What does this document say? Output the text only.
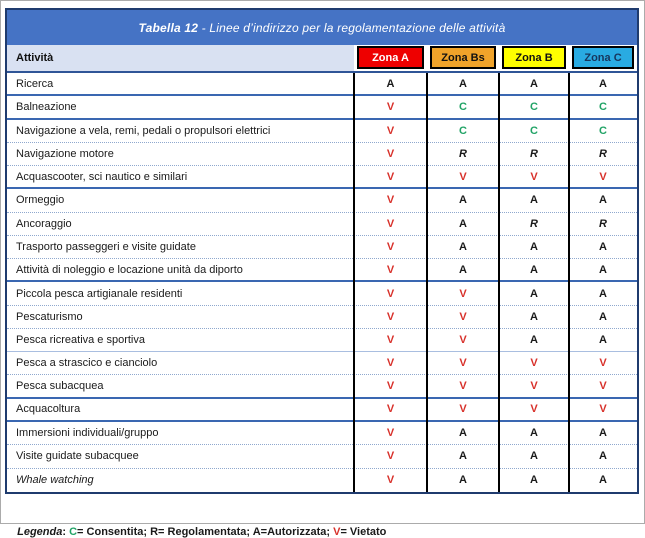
Tabella 12 - Linee d’indirizzo per la regolamentazione delle attività
Attività	Zona A	Zona Bs	Zona B	Zona C
Ricerca	A	A	A	A
Balneazione	V	C	C	C
Navigazione a vela, remi, pedali o propulsori elettrici	V	C	C	C
Navigazione motore	V	R	R	R
Acquascooter, sci nautico e similari	V	V	V	V
Ormeggio	V	A	A	A
Ancoraggio	V	A	R	R
Trasporto passeggeri e visite guidate	V	A	A	A
Attività di noleggio e locazione unità da diporto	V	A	A	A
Piccola pesca artigianale residenti	V	V	A	A
Pescaturismo	V	V	A	A
Pesca ricreativa e sportiva	V	V	A	A
Pesca a strascico e cianciolo	V	V	V	V
Pesca subacquea	V	V	V	V
Acquacoltura	V	V	V	V
Immersioni individuali/gruppo	V	A	A	A
Visite guidate subacquee	V	A	A	A
Whale watching	V	A	A	A

Legenda: C= Consentita; R= Regolamentata; A=Autorizzata; V= Vietato
